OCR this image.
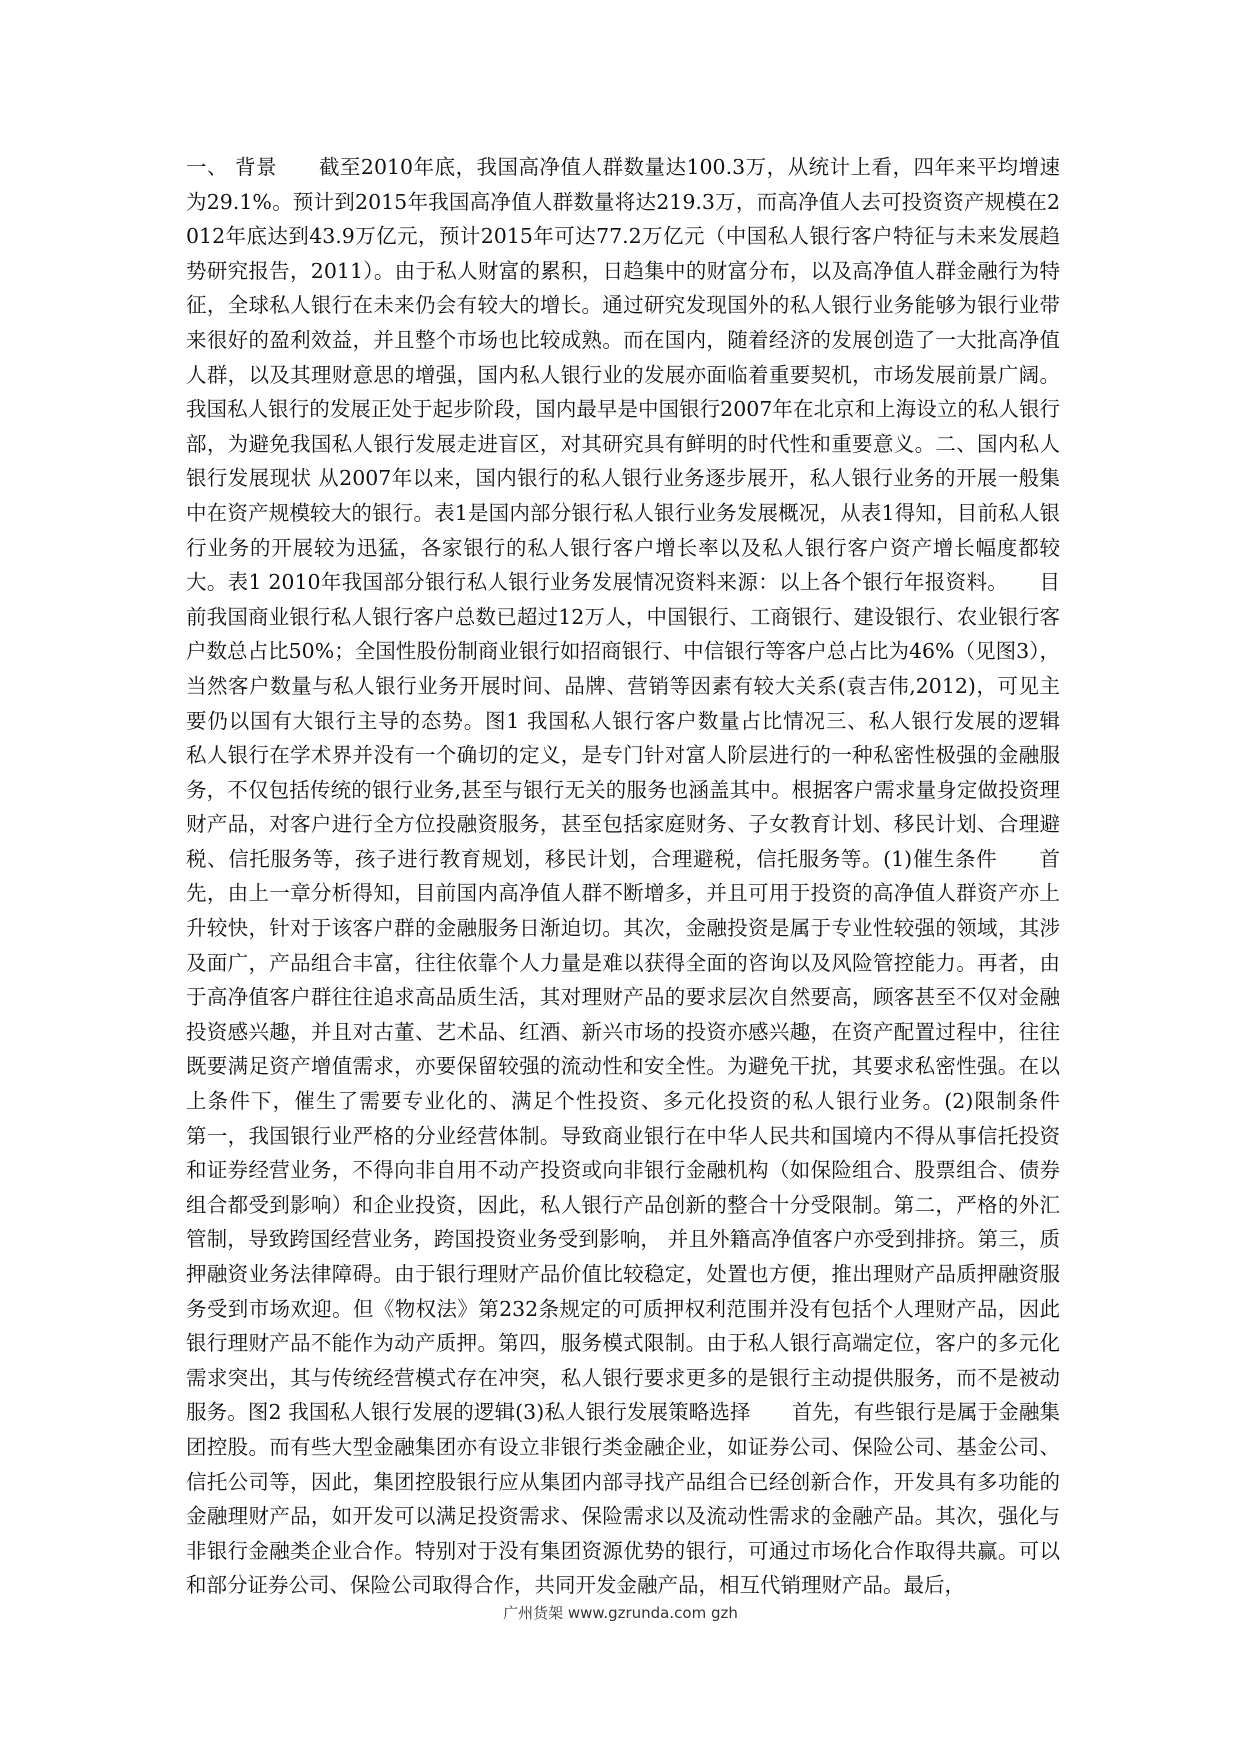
一、 背景　　截至2010年底，我国高净值人群数量达100.3万，从统计上看，四年来平均增速为29.1%。预计到2015年我国高净值人群数量将达219.3万，而高净值人去可投资资产规模在2012年底达到43.9万亿元，预计2015年可达77.2万亿元（中国私人银行客户特征与未来发展趋势研究报告，2011）。由于私人财富的累积，日趋集中的财富分布，以及高净值人群金融行为特征，全球私人银行在未来仍会有较大的增长。通过研究发现国外的私人银行业务能够为银行业带来很好的盈利效益，并且整个市场也比较成熟。而在国内，随着经济的发展创造了一大批高净值人群，以及其理财意思的增强，国内私人银行业的发展亦面临着重要契机，市场发展前景广阔。我国私人银行的发展正处于起步阶段，国内最早是中国银行2007年在北京和上海设立的私人银行部，为避免我国私人银行发展走进盲区，对其研究具有鲜明的时代性和重要意义。二、国内私人银行发展现状 从2007年以来，国内银行的私人银行业务逐步展开，私人银行业务的开展一般集中在资产规模较大的银行。表1是国内部分银行私人银行业务发展概况，从表1得知，目前私人银行业务的开展较为迅猛，各家银行的私人银行客户增长率以及私人银行客户资产增长幅度都较大。表1 2010年我国部分银行私人银行业务发展情况资料来源：以上各个银行年报资料。　　目前我国商业银行私人银行客户总数已超过12万人，中国银行、工商银行、建设银行、农业银行客户数总占比50%；全国性股份制商业银行如招商银行、中信银行等客户总占比为46%（见图3），当然客户数量与私人银行业务开展时间、品牌、营销等因素有较大关系(袁吉伟,2012)，可见主要仍以国有大银行主导的态势。图1 我国私人银行客户数量占比情况三、私人银行发展的逻辑　　私人银行在学术界并没有一个确切的定义，是专门针对富人阶层进行的一种私密性极强的金融服务，不仅包括传统的银行业务,甚至与银行无关的服务也涵盖其中。根据客户需求量身定做投资理财产品，对客户进行全方位投融资服务，甚至包括家庭财务、子女教育计划、移民计划、合理避税、信托服务等，孩子进行教育规划，移民计划，合理避税，信托服务等。(1)催生条件　　首先，由上一章分析得知，目前国内高净值人群不断增多，并且可用于投资的高净值人群资产亦上升较快，针对于该客户群的金融服务日渐迫切。其次，金融投资是属于专业性较强的领域，其涉及面广，产品组合丰富，往往依靠个人力量是难以获得全面的咨询以及风险管控能力。再者，由于高净值客户群往往追求高品质生活，其对理财产品的要求层次自然要高，顾客甚至不仅对金融投资感兴趣，并且对古董、艺术品、红酒、新兴市场的投资亦感兴趣，在资产配置过程中，往往既要满足资产增值需求，亦要保留较强的流动性和安全性。为避免干扰，其要求私密性强。在以上条件下，催生了需要专业化的、满足个性投资、多元化投资的私人银行业务。(2)限制条件　　第一，我国银行业严格的分业经营体制。导致商业银行在中华人民共和国境内不得从事信托投资和证券经营业务，不得向非自用不动产投资或向非银行金融机构（如保险组合、股票组合、债券组合都受到影响）和企业投资，因此，私人银行产品创新的整合十分受限制。第二，严格的外汇管制，导致跨国经营业务，跨国投资业务受到影响， 并且外籍高净值客户亦受到排挤。第三，质押融资业务法律障碍。由于银行理财产品价值比较稳定，处置也方便，推出理财产品质押融资服务受到市场欢迎。但《物权法》第232条规定的可质押权利范围并没有包括个人理财产品，因此银行理财产品不能作为动产质押。第四，服务模式限制。由于私人银行高端定位，客户的多元化需求突出，其与传统经营模式存在冲突，私人银行要求更多的是银行主动提供服务，而不是被动服务。图2 我国私人银行发展的逻辑(3)私人银行发展策略选择　　首先，有些银行是属于金融集团控股。而有些大型金融集团亦有设立非银行类金融企业，如证券公司、保险公司、基金公司、信托公司等，因此，集团控股银行应从集团内部寻找产品组合已经创新合作，开发具有多功能的金融理财产品，如开发可以满足投资需求、保险需求以及流动性需求的金融产品。其次，强化与非银行金融类企业合作。特别对于没有集团资源优势的银行，可通过市场化合作取得共赢。可以和部分证券公司、保险公司取得合作，共同开发金融产品，相互代销理财产品。最后，

广州货架 www.gzrunda.com gzh
